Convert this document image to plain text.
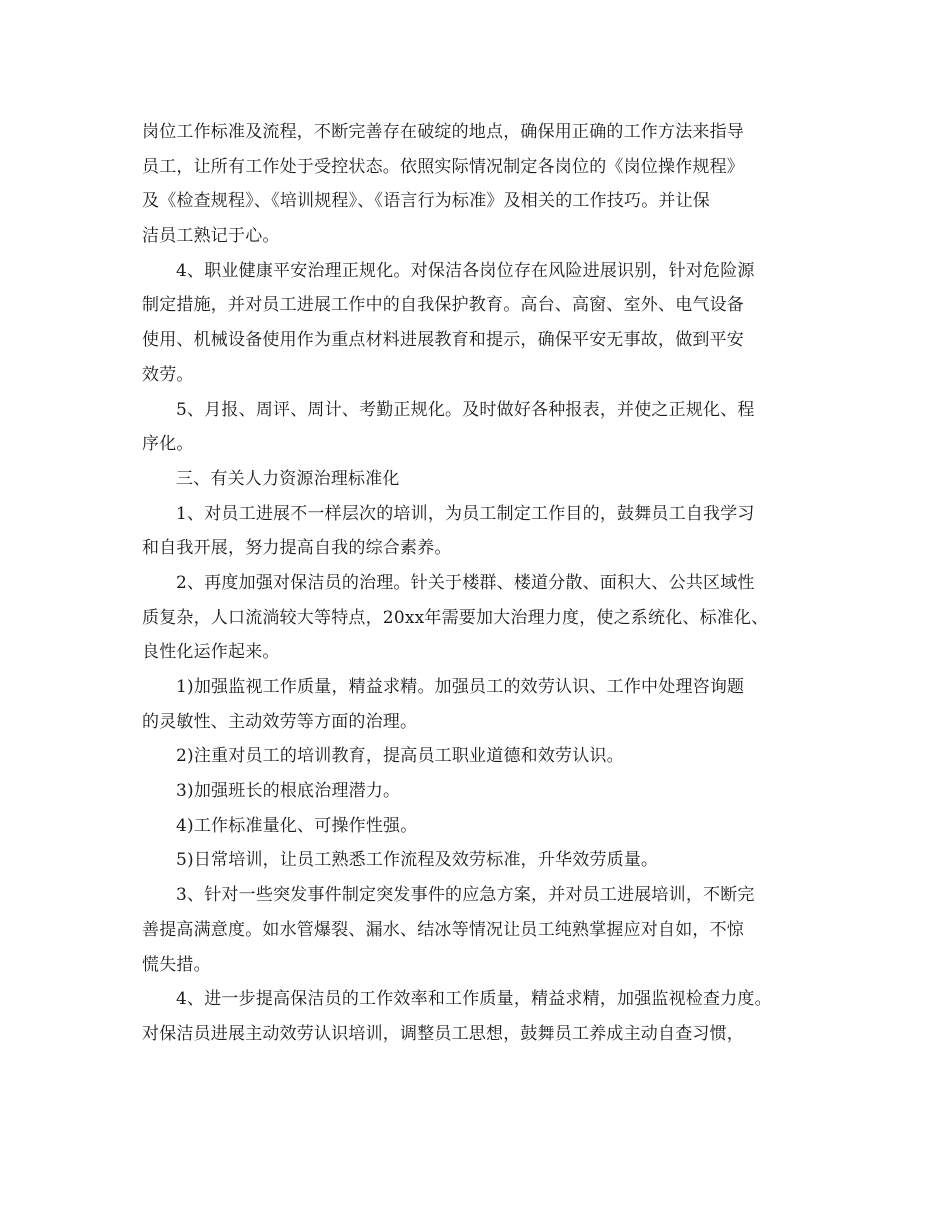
岗位工作标准及流程，不断完善存在破绽的地点，确保用正确的工作方法来指导
员工，让所有工作处于受控状态。依照实际情况制定各岗位的《岗位操作规程》
及《检查规程》、《培训规程》、《语言行为标准》及相关的工作技巧。并让保
洁员工熟记于心。
4、职业健康平安治理正规化。对保洁各岗位存在风险进展识别，针对危险源
制定措施，并对员工进展工作中的自我保护教育。高台、高窗、室外、电气设备
使用、机械设备使用作为重点材料进展教育和提示，确保平安无事故，做到平安
效劳。
5、月报、周评、周计、考勤正规化。及时做好各种报表，并使之正规化、程
序化。
三、有关人力资源治理标准化
1、对员工进展不一样层次的培训，为员工制定工作目的，鼓舞员工自我学习
和自我开展，努力提高自我的综合素养。
2、再度加强对保洁员的治理。针关于楼群、楼道分散、面积大、公共区域性
质复杂，人口流淌较大等特点，20xx年需要加大治理力度，使之系统化、标准化、
良性化运作起来。
1)加强监视工作质量，精益求精。加强员工的效劳认识、工作中处理咨询题
的灵敏性、主动效劳等方面的治理。
2)注重对员工的培训教育，提高员工职业道德和效劳认识。
3)加强班长的根底治理潜力。
4)工作标准量化、可操作性强。
5)日常培训，让员工熟悉工作流程及效劳标准，升华效劳质量。
3、针对一些突发事件制定突发事件的应急方案，并对员工进展培训，不断完
善提高满意度。如水管爆裂、漏水、结冰等情况让员工纯熟掌握应对自如，不惊
慌失措。
4、进一步提高保洁员的工作效率和工作质量，精益求精，加强监视检查力度。
对保洁员进展主动效劳认识培训，调整员工思想，鼓舞员工养成主动自查习惯，
